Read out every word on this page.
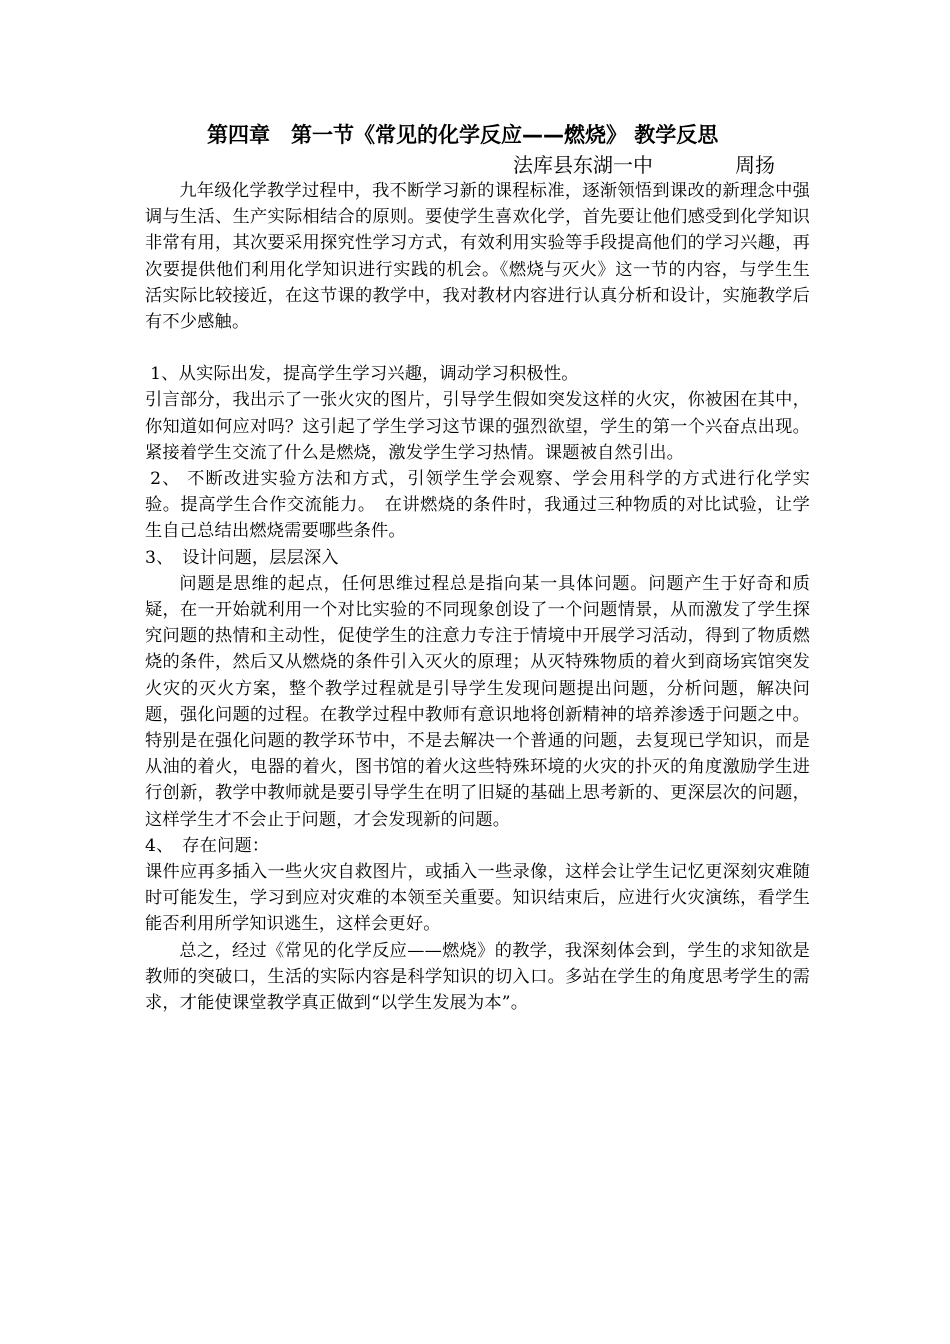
第四章　第一节《常见的化学反应——燃烧》 教学反思
法库县东湖一中	周扬

九年级化学教学过程中，我不断学习新的课程标准，逐渐领悟到课改的新理念中强调与生活、生产实际相结合的原则。要使学生喜欢化学，首先要让他们感受到化学知识非常有用，其次要采用探究性学习方式，有效利用实验等手段提高他们的学习兴趣，再次要提供他们利用化学知识进行实践的机会。《燃烧与灭火》这一节的内容，与学生生活实际比较接近，在这节课的教学中，我对教材内容进行认真分析和设计，实施教学后有不少感触。

1、从实际出发，提高学生学习兴趣，调动学习积极性。

引言部分，我出示了一张火灾的图片，引导学生假如突发这样的火灾，你被困在其中，你知道如何应对吗？这引起了学生学习这节课的强烈欲望，学生的第一个兴奋点出现。紧接着学生交流了什么是燃烧，激发学生学习热情。课题被自然引出。

2、 不断改进实验方法和方式，引领学生学会观察、学会用科学的方式进行化学实验。提高学生合作交流能力。　在讲燃烧的条件时，我通过三种物质的对比试验，让学生自己总结出燃烧需要哪些条件。

3、　设计问题，层层深入

问题是思维的起点，任何思维过程总是指向某一具体问题。问题产生于好奇和质疑，在一开始就利用一个对比实验的不同现象创设了一个问题情景，从而激发了学生探究问题的热情和主动性，促使学生的注意力专注于情境中开展学习活动，得到了物质燃烧的条件，然后又从燃烧的条件引入灭火的原理；从灭特殊物质的着火到商场宾馆突发火灾的灭火方案，整个教学过程就是引导学生发现问题提出问题，分析问题，解决问题，强化问题的过程。在教学过程中教师有意识地将创新精神的培养渗透于问题之中。特别是在强化问题的教学环节中，不是去解决一个普通的问题，去复现已学知识，而是从油的着火，电器的着火，图书馆的着火这些特殊环境的火灾的扑灭的角度激励学生进行创新，教学中教师就是要引导学生在明了旧疑的基础上思考新的、更深层次的问题，这样学生才不会止于问题，才会发现新的问题。

4、　存在问题：

课件应再多插入一些火灾自救图片，或插入一些录像，这样会让学生记忆更深刻灾难随时可能发生，学习到应对灾难的本领至关重要。知识结束后，应进行火灾演练，看学生能否利用所学知识逃生，这样会更好。

总之，经过《常见的化学反应——燃烧》的教学，我深刻体会到，学生的求知欲是教师的突破口，生活的实际内容是科学知识的切入口。多站在学生的角度思考学生的需求，才能使课堂教学真正做到“以学生发展为本”。
